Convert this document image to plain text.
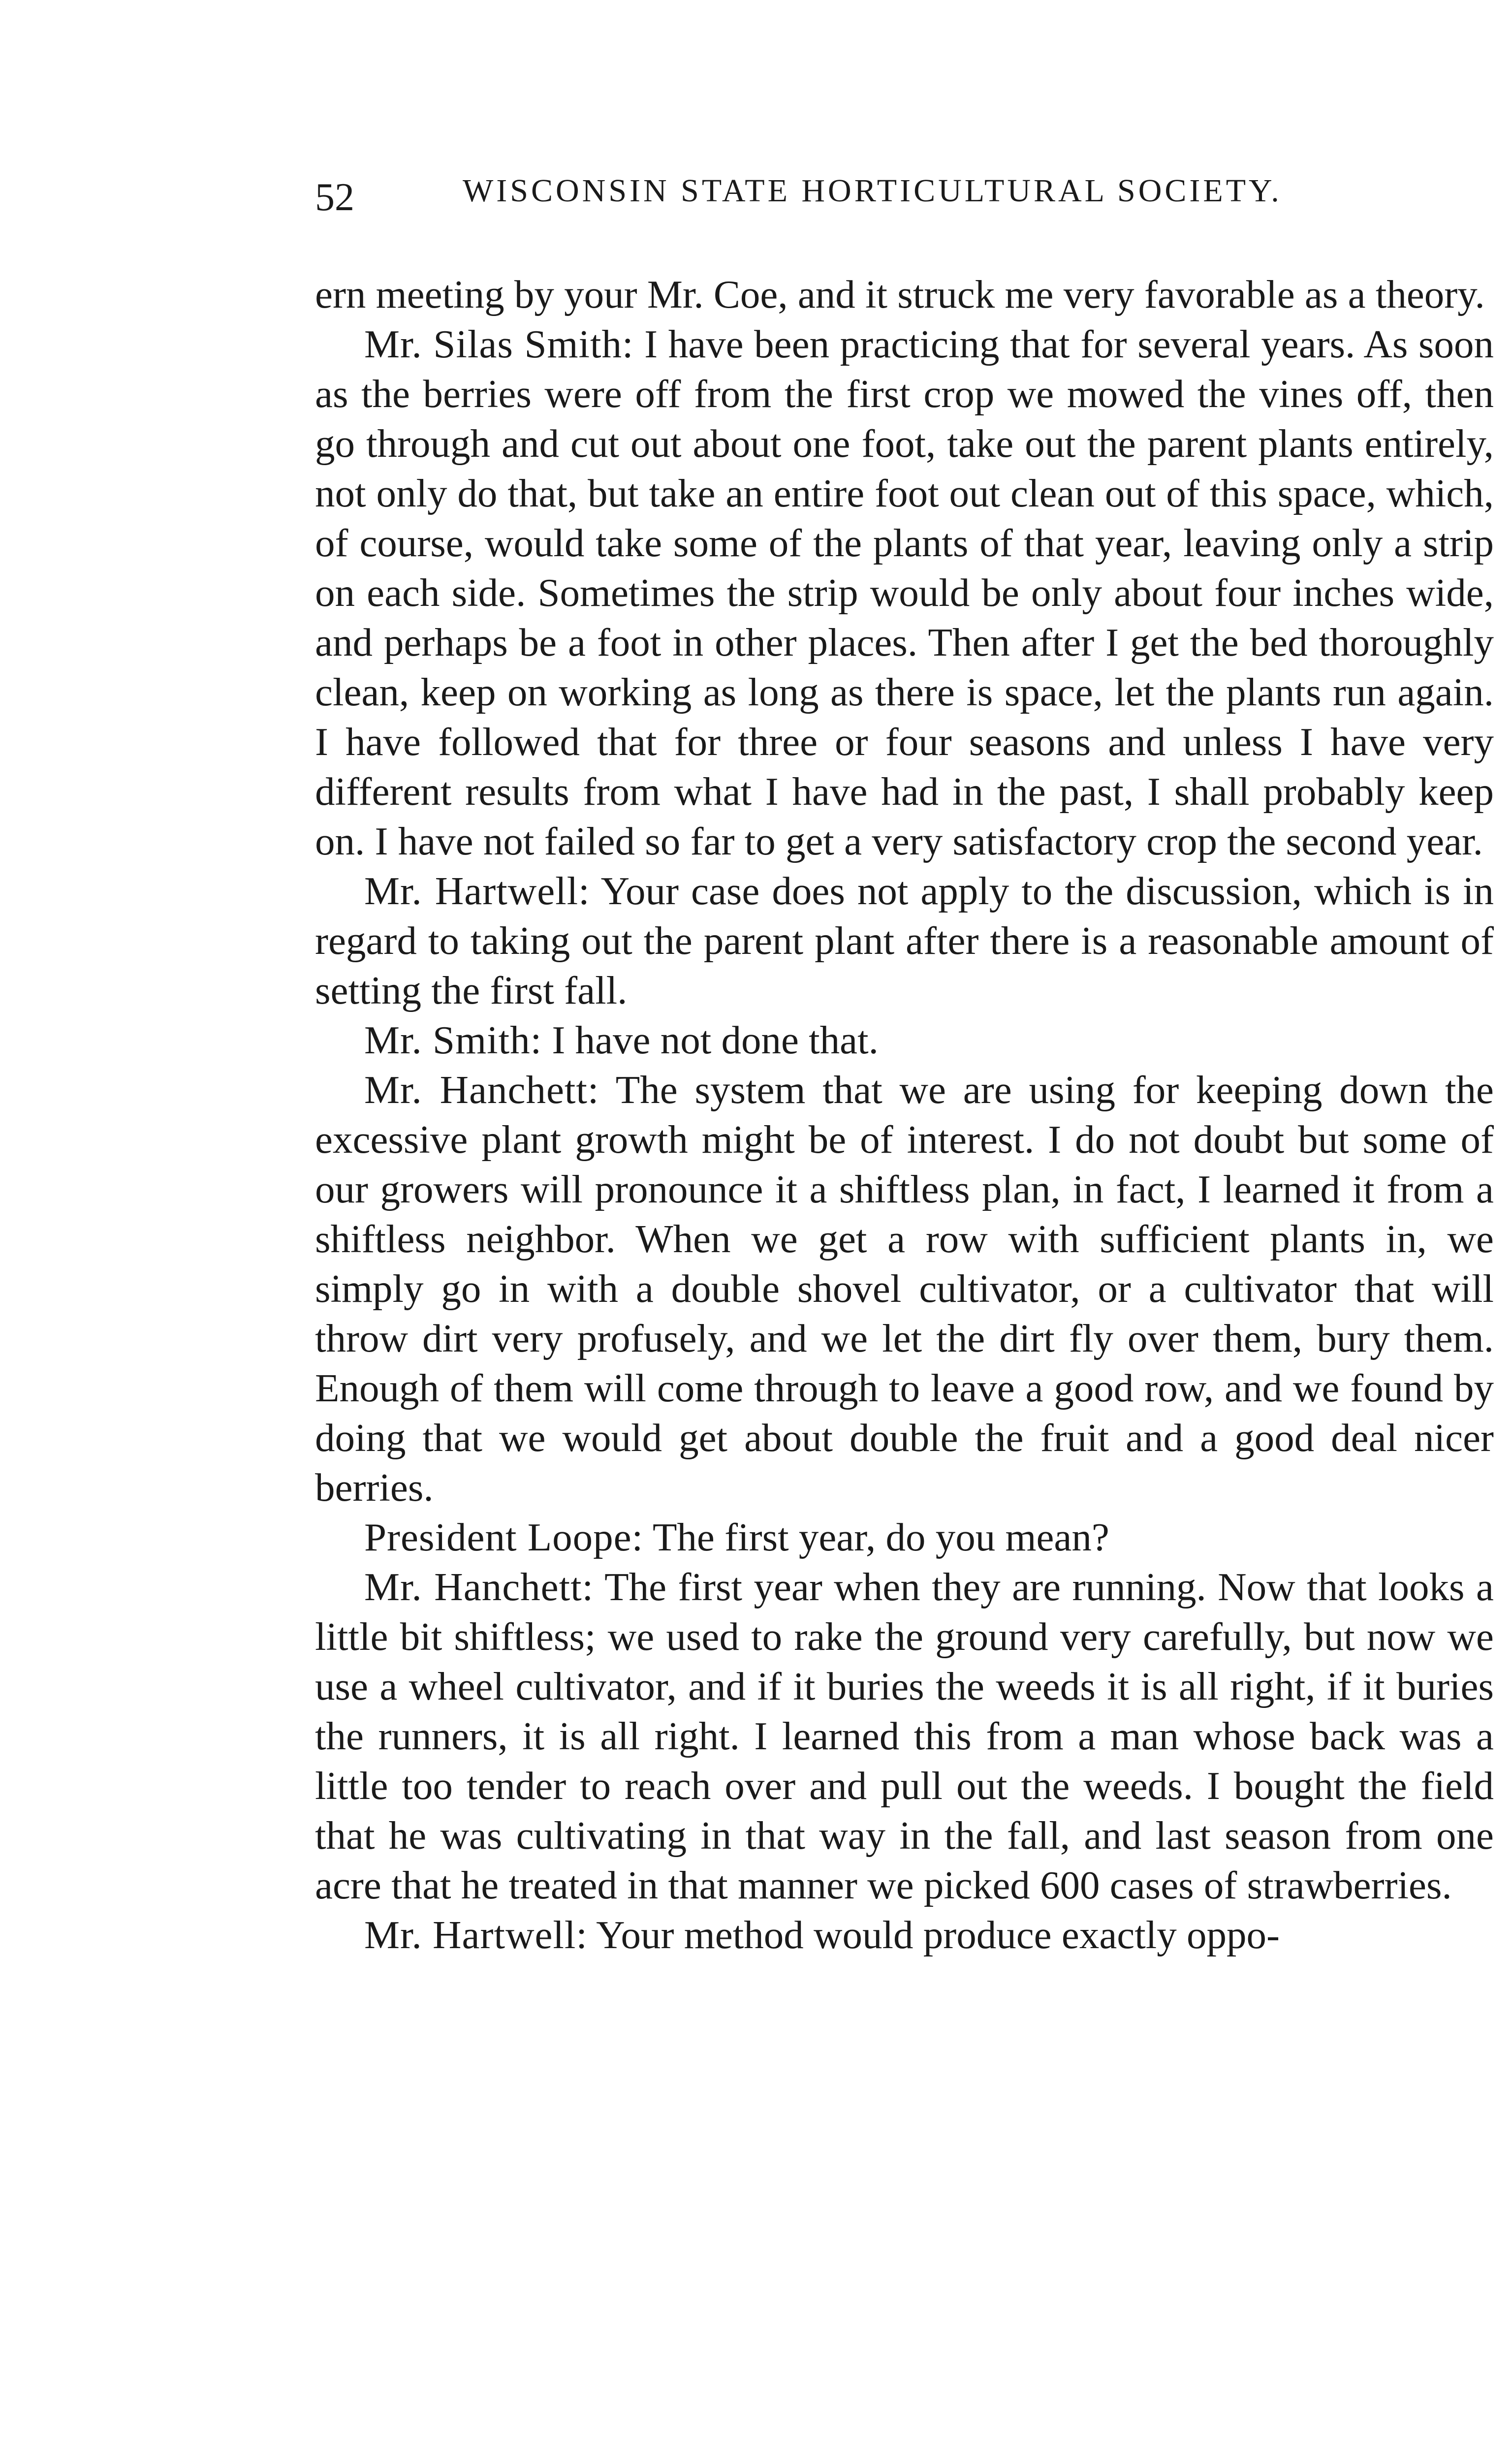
52	WISCONSIN STATE HORTICULTURAL SOCIETY.

ern meeting by your Mr. Coe, and it struck me very favorable as a theory.

Mr. Silas Smith: I have been practicing that for several years. As soon as the berries were off from the first crop we mowed the vines off, then go through and cut out about one foot, take out the parent plants entirely, not only do that, but take an entire foot out clean out of this space, which, of course, would take some of the plants of that year, leaving only a strip on each side. Sometimes the strip would be only about four inches wide, and perhaps be a foot in other places. Then after I get the bed thoroughly clean, keep on working as long as there is space, let the plants run again. I have followed that for three or four seasons and unless I have very different results from what I have had in the past, I shall probably keep on. I have not failed so far to get a very satisfactory crop the second year.

Mr. Hartwell: Your case does not apply to the discussion, which is in regard to taking out the parent plant after there is a reasonable amount of setting the first fall.

Mr. Smith: I have not done that.

Mr. Hanchett: The system that we are using for keeping down the excessive plant growth might be of interest. I do not doubt but some of our growers will pronounce it a shiftless plan, in fact, I learned it from a shiftless neighbor. When we get a row with sufficient plants in, we simply go in with a double shovel cultivator, or a cultivator that will throw dirt very profusely, and we let the dirt fly over them, bury them. Enough of them will come through to leave a good row, and we found by doing that we would get about double the fruit and a good deal nicer berries.

President Loope: The first year, do you mean?

Mr. Hanchett: The first year when they are running. Now that looks a little bit shiftless; we used to rake the ground very carefully, but now we use a wheel cultivator, and if it buries the weeds it is all right, if it buries the runners, it is all right. I learned this from a man whose back was a little too tender to reach over and pull out the weeds. I bought the field that he was cultivating in that way in the fall, and last season from one acre that he treated in that manner we picked 600 cases of strawberries.

Mr. Hartwell: Your method would produce exactly oppo-
